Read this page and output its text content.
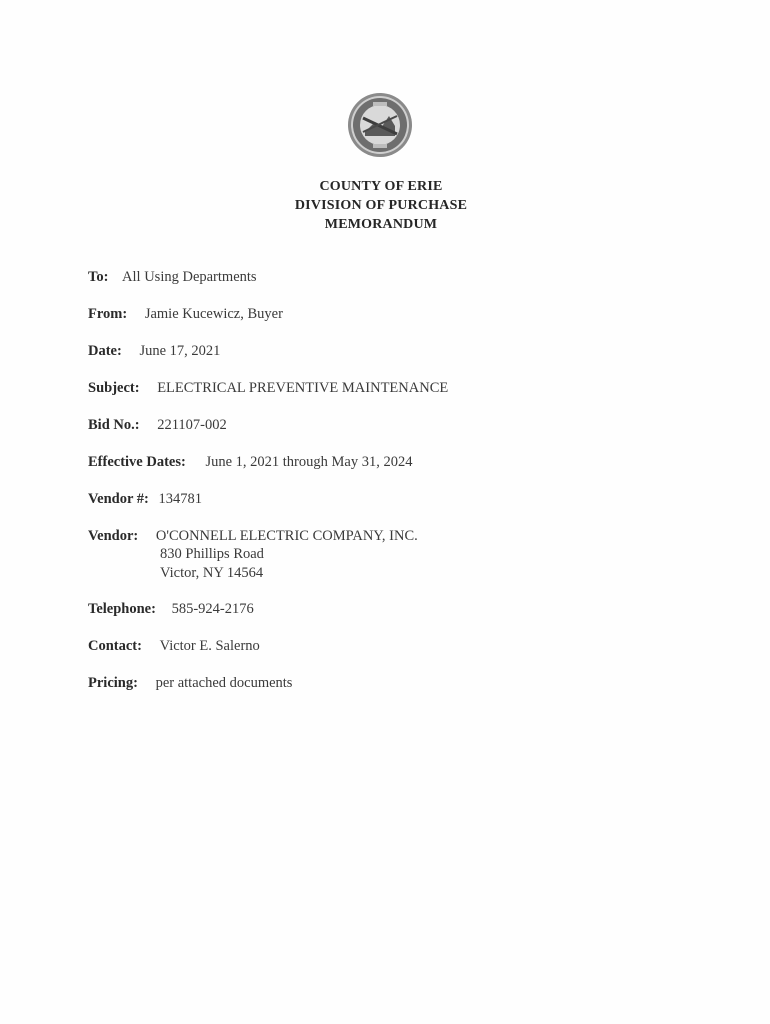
COUNTY OF ERIE
DIVISION OF PURCHASE
MEMORANDUM
To: All Using Departments
From: Jamie Kucewicz, Buyer
Date: June 17, 2021
Subject: ELECTRICAL PREVENTIVE MAINTENANCE
Bid No.: 221107-002
Effective Dates: June 1, 2021 through May 31, 2024
Vendor #: 134781
Vendor: O'CONNELL ELECTRIC COMPANY, INC.
830 Phillips Road
Victor, NY 14564
Telephone: 585-924-2176
Contact: Victor E. Salerno
Pricing: per attached documents
